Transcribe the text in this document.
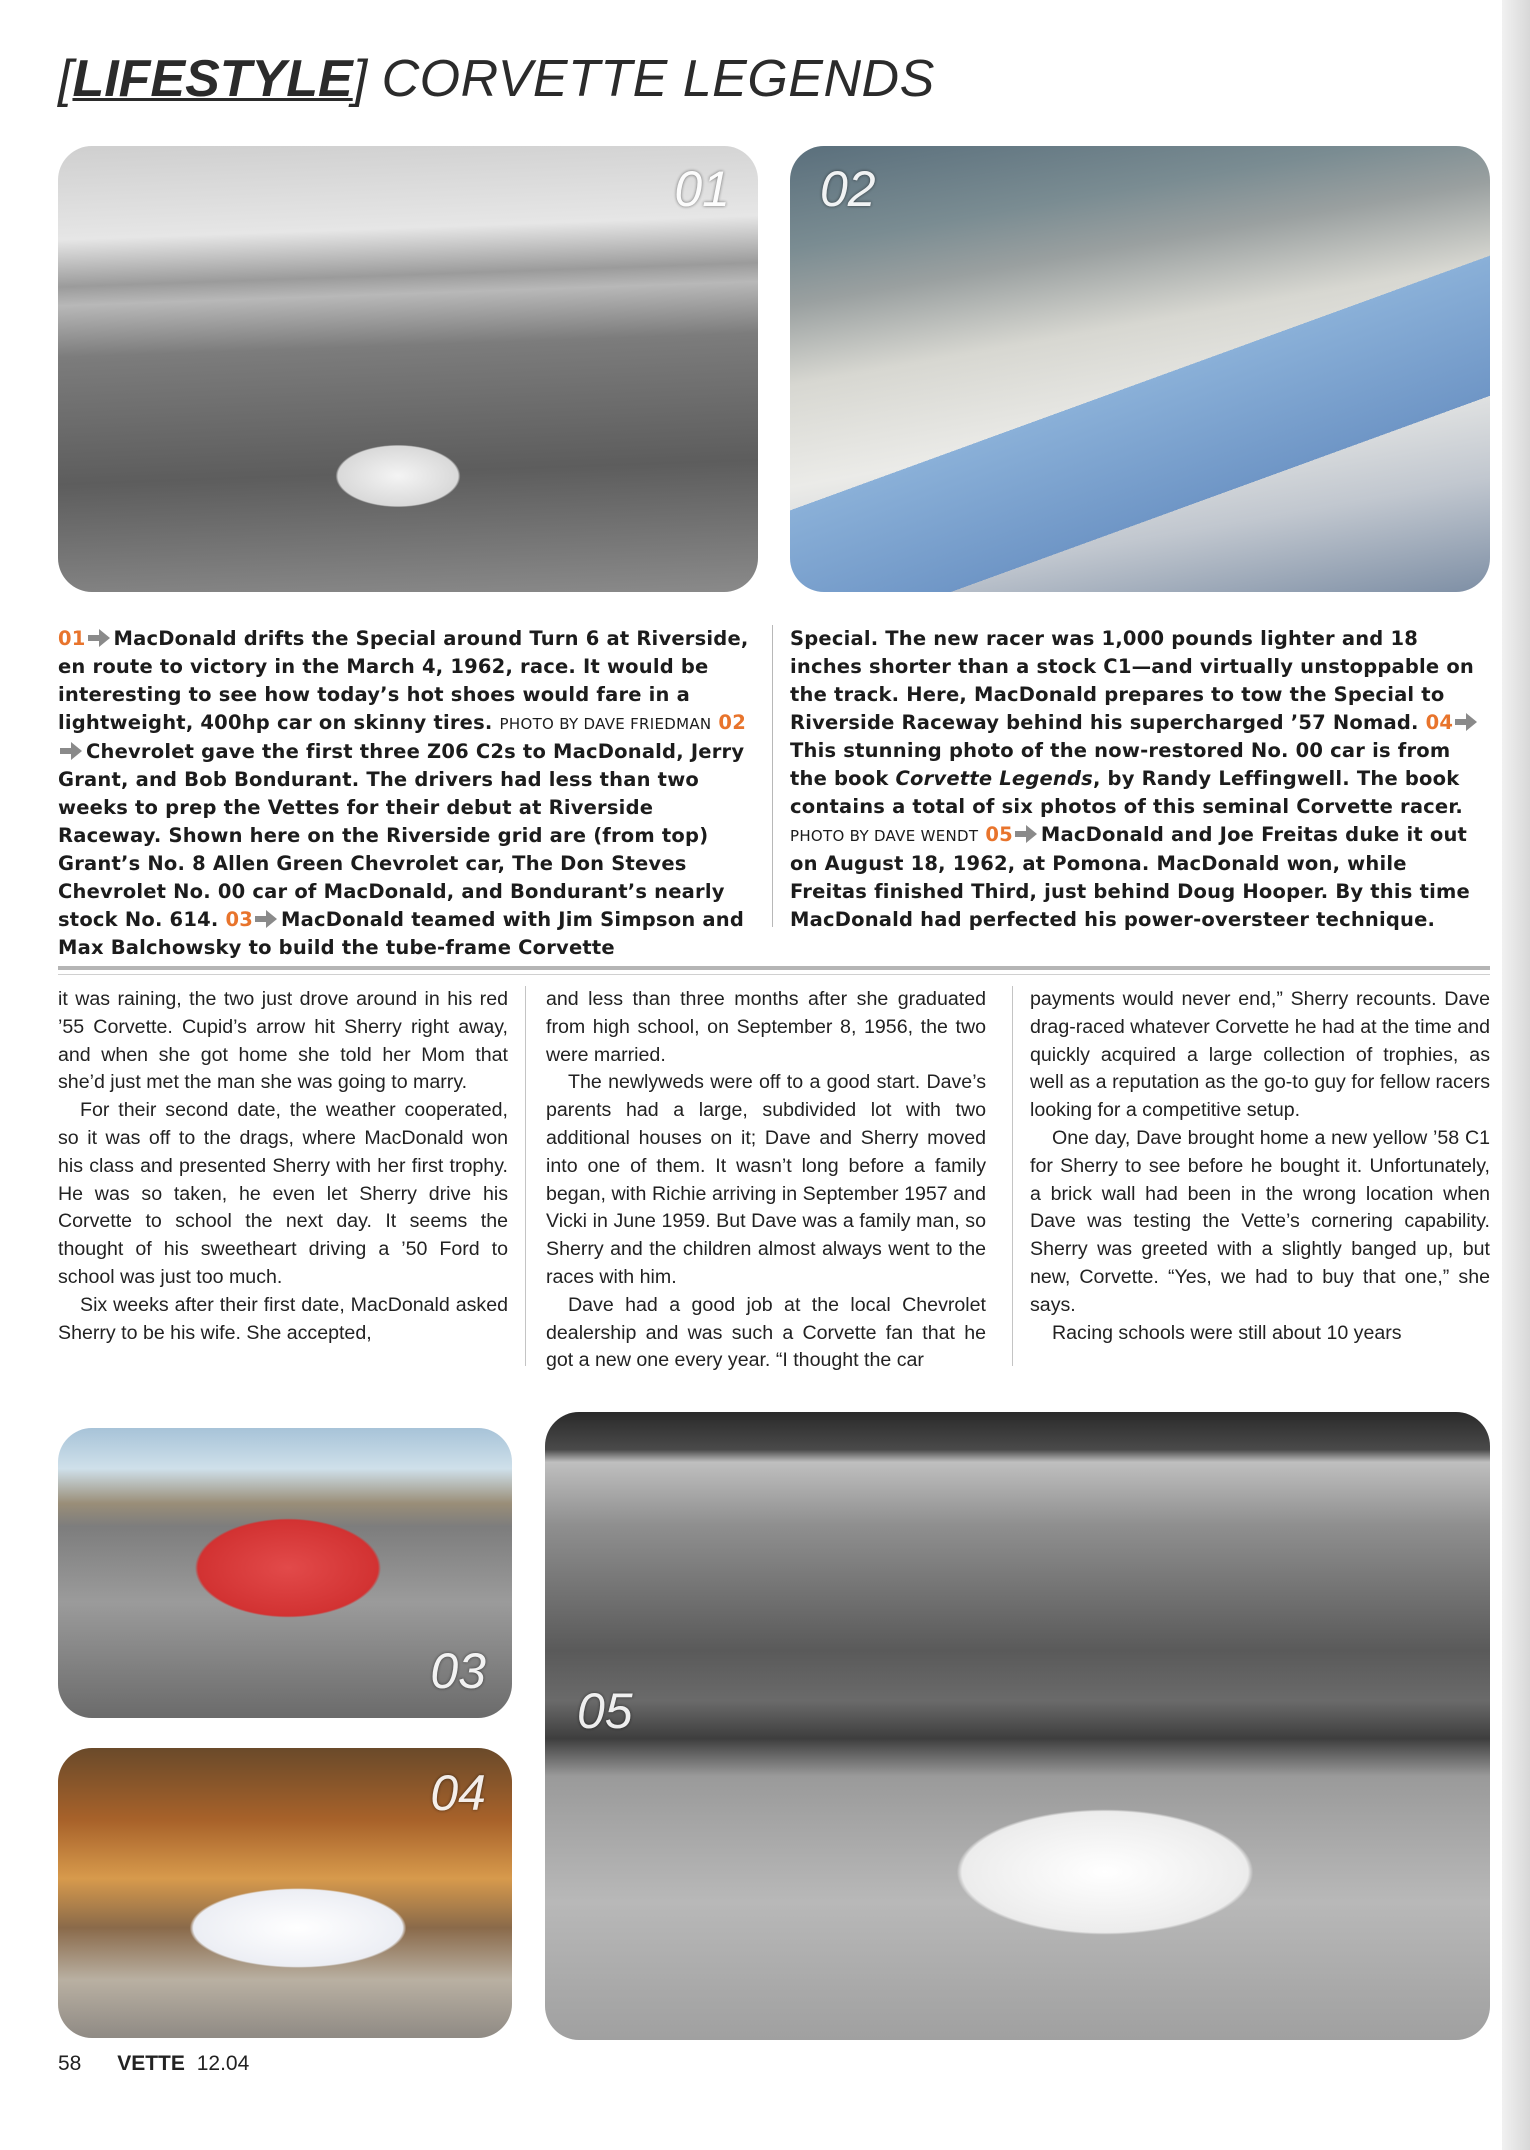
[LIFESTYLE] CORVETTE LEGENDS
01 02
01 MacDonald drifts the Special around Turn 6 at Riverside, en route to victory in the March 4, 1962, race. It would be interesting to see how today’s hot shoes would fare in a lightweight, 400hp car on skinny tires. PHOTO BY DAVE FRIEDMAN 02Chevrolet gave the first three Z06 C2s to MacDonald, Jerry Grant, and Bob Bondurant. The drivers had less than two weeks to prep the Vettes for their debut at Riverside Raceway. Shown here on the Riverside grid are (from top) Grant’s No. 8 Allen Green Chevrolet car, The Don Steves Chevrolet No. 00 car of MacDonald, and Bondurant’s nearly stock No. 614. 03 MacDonald teamed with Jim Simpson and Max Balchowsky to build the tube-frame Corvette
Special. The new racer was 1,000 pounds lighter and 18 inches shorter than a stock C1—and virtually unstoppable on the track. Here, MacDonald prepares to tow the Special to Riverside Raceway behind his supercharged ’57 Nomad. 04This stunning photo of the now-restored No. 00 car is from the book Corvette Legends, by Randy Leffingwell. The book contains a total of six photos of this seminal Corvette racer. PHOTO BY DAVE WENDT 05 MacDonald and Joe Freitas duke it out on August 18, 1962, at Pomona. MacDonald won, while Freitas finished Third, just behind Doug Hooper. By this time MacDonald had perfected his power-oversteer technique.

it was raining, the two just drove around in his red ’55 Corvette. Cupid’s arrow hit Sherry right away, and when she got home she told her Mom that she’d just met the man she was going to marry.

For their second date, the weather cooperated, so it was off to the drags, where MacDonald won his class and presented Sherry with her first trophy. He was so taken, he even let Sherry drive his Corvette to school the next day. It seems the thought of his sweetheart driving a ’50 Ford to school was just too much.

Six weeks after their first date, MacDonald asked Sherry to be his wife. She accepted,

and less than three months after she graduated from high school, on September 8, 1956, the two were married.

The newlyweds were off to a good start. Dave’s parents had a large, subdivided lot with two additional houses on it; Dave and Sherry moved into one of them. It wasn’t long before a family began, with Richie arriving in September 1957 and Vicki in June 1959. But Dave was a family man, so Sherry and the children almost always went to the races with him.

Dave had a good job at the local Chevrolet dealership and was such a Corvette fan that he got a new one every year. “I thought the car

payments would never end,” Sherry recounts. Dave drag-raced whatever Corvette he had at the time and quickly acquired a large collection of trophies, as well as a reputation as the go-to guy for fellow racers looking for a competitive setup.

One day, Dave brought home a new yellow ’58 C1 for Sherry to see before he bought it. Unfortunately, a brick wall had been in the wrong location when Dave was testing the Vette’s cornering capability. Sherry was greeted with a slightly banged up, but new, Corvette. “Yes, we had to buy that one,” she says.

Racing schools were still about 10 years

03
04
05
58 VETTE 12.04
